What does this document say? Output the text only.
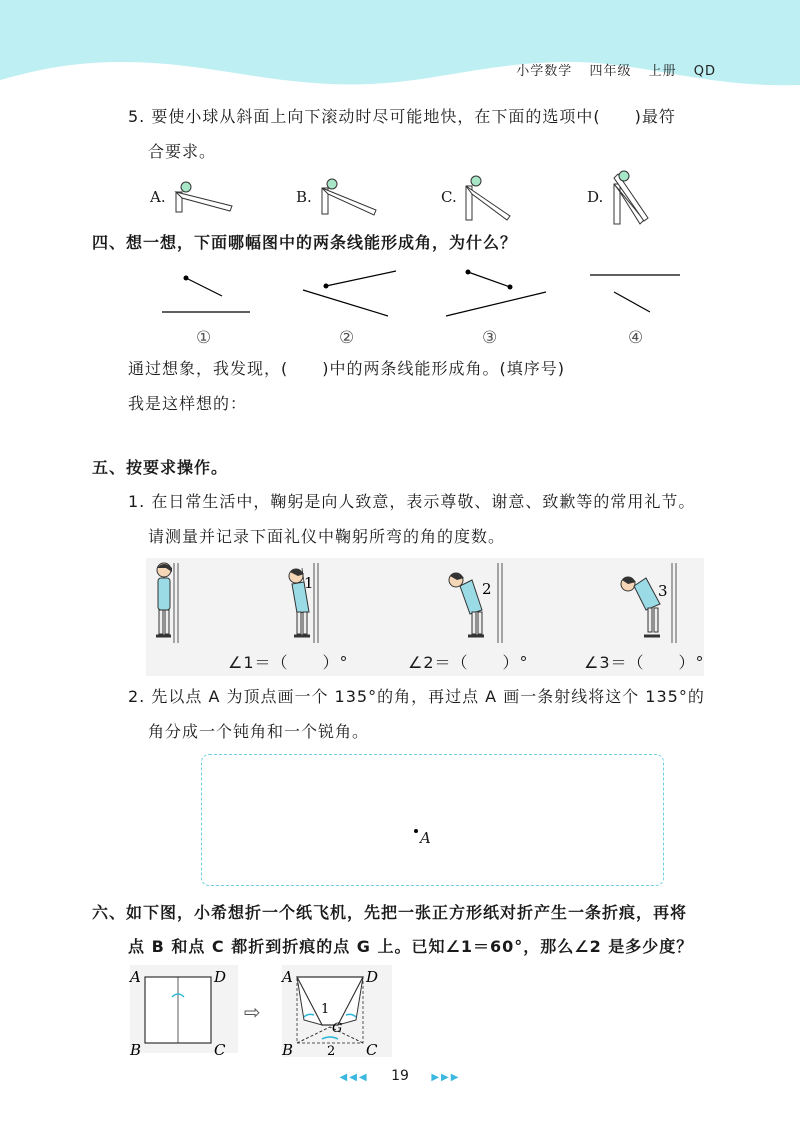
小学数学 四年级 上册 QD
5. 要使小球从斜面上向下滚动时尽可能地快，在下面的选项中(　　)最符
合要求。
A.	B.	C.	D.
四、想一想，下面哪幅图中的两条线能形成角，为什么？
①	②	③	④
通过想象，我发现，(　　)中的两条线能形成角。(填序号)
我是这样想的：
五、按要求操作。
1. 在日常生活中，鞠躬是向人致意，表示尊敬、谢意、致歉等的常用礼节。
请测量并记录下面礼仪中鞠躬所弯的角的度数。
1	2	3
∠1＝（　　）°	∠2＝（　　）°	∠3＝（　　）°
2. 先以点 A 为顶点画一个 135°的角，再过点 A 画一条射线将这个 135°的
角分成一个钝角和一个锐角。
A
六、如下图，小希想折一个纸飞机，先把一张正方形纸对折产生一条折痕，再将
点 B 和点 C 都折到折痕的点 G 上。已知∠1＝60°，那么∠2 是多少度？
A	D
B	C
⇨
A	D
B	C
1
G
2
◀◀◀ 19 ▶▶▶
